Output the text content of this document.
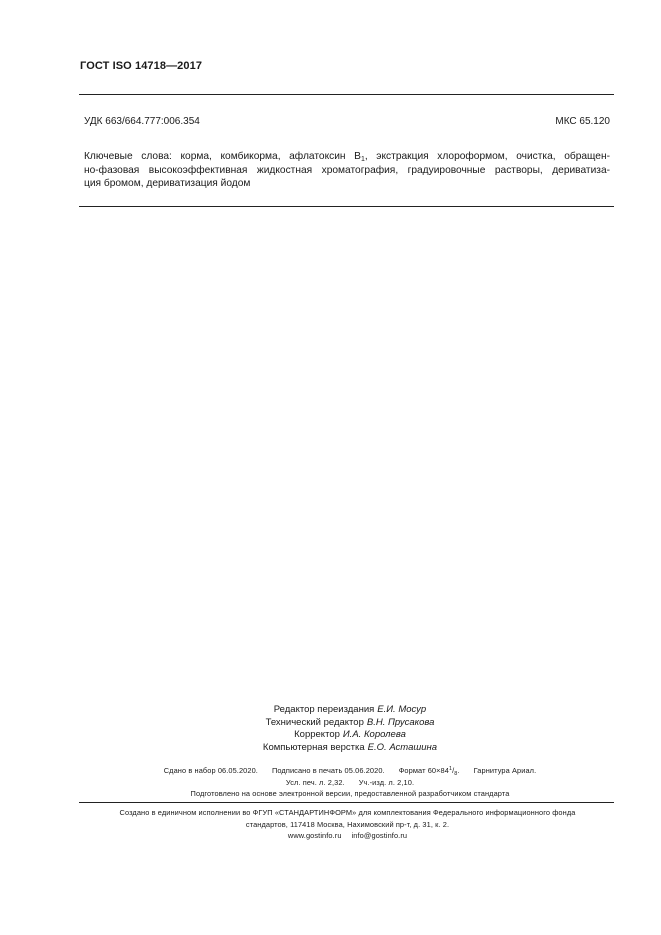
ГОСТ ISO 14718—2017
УДК 663/664.777:006.354	МКС 65.120
Ключевые слова: корма, комбикорма, афлатоксин $В_1$, экстракция хлороформом, очистка, обращен-
но-фазовая высокоэффективная жидкостная хроматография, градуировочные растворы, дериватиза-
ция бромом, дериватизация йодом
Редактор переиздания Е.И. Мосур
Технический редактор В.Н. Прусакова
Корректор И.А. Королева
Компьютерная верстка Е.О. Асташина
Сдано в набор 06.05.2020. Подписано в печать 05.06.2020. Формат $60\times 84^1/_8$. Гарнитура Ариал.
Усл. печ. л. 2,32. Уч.-изд. л. 2,10.
Подготовлено на основе электронной версии, предоставленной разработчиком стандарта
Создано в единичном исполнении во ФГУП «СТАНДАРТИНФОРМ» для комплектования Федерального информационного фонда
стандартов, 117418 Москва, Нахимовский пр-т, д. 31, к. 2.
www.gostinfo.ru info@gostinfo.ru
